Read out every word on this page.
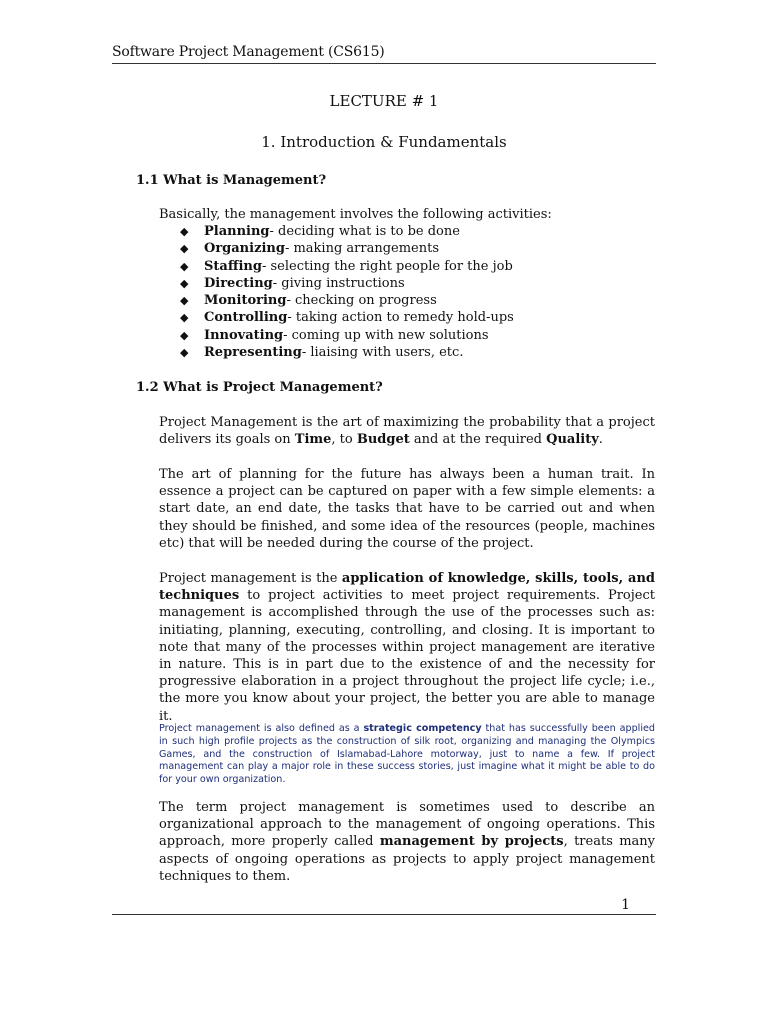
Software Project Management (CS615)
LECTURE # 1
1. Introduction & Fundamentals
1.1 What is Management?
Basically, the management involves the following activities:
◆	Planning- deciding what is to be done
◆	Organizing- making arrangements
◆	Staffing- selecting the right people for the job
◆	Directing- giving instructions
◆	Monitoring- checking on progress
◆	Controlling- taking action to remedy hold-ups
◆	Innovating- coming up with new solutions
◆	Representing- liaising with users, etc.
1.2 What is Project Management?
Project Management is the art of maximizing the probability that a project delivers its goals on Time, to Budget and at the required Quality.
The art of planning for the future has always been a human trait. In essence a project can be captured on paper with a few simple elements: a start date, an end date, the tasks that have to be carried out and when they should be finished, and some idea of the resources (people, machines etc) that will be needed during the course of the project.
Project management is the application of knowledge, skills, tools, and techniques to project activities to meet project requirements. Project management is accomplished through the use of the processes such as: initiating, planning, executing, controlling, and closing. It is important to note that many of the processes within project management are iterative in nature. This is in part due to the existence of and the necessity for progressive elaboration in a project throughout the project life cycle; i.e., the more you know about your project, the better you are able to manage it.
Project management is also defined as a strategic competency that has successfully been applied in such high profile projects as the construction of silk root, organizing and managing the Olympics Games, and the construction of Islamabad-Lahore motorway, just to name a few. If project management can play a major role in these success stories, just imagine what it might be able to do for your own organization.
The term project management is sometimes used to describe an organizational approach to the management of ongoing operations. This approach, more properly called management by projects, treats many aspects of ongoing operations as projects to apply project management techniques to them.
1
